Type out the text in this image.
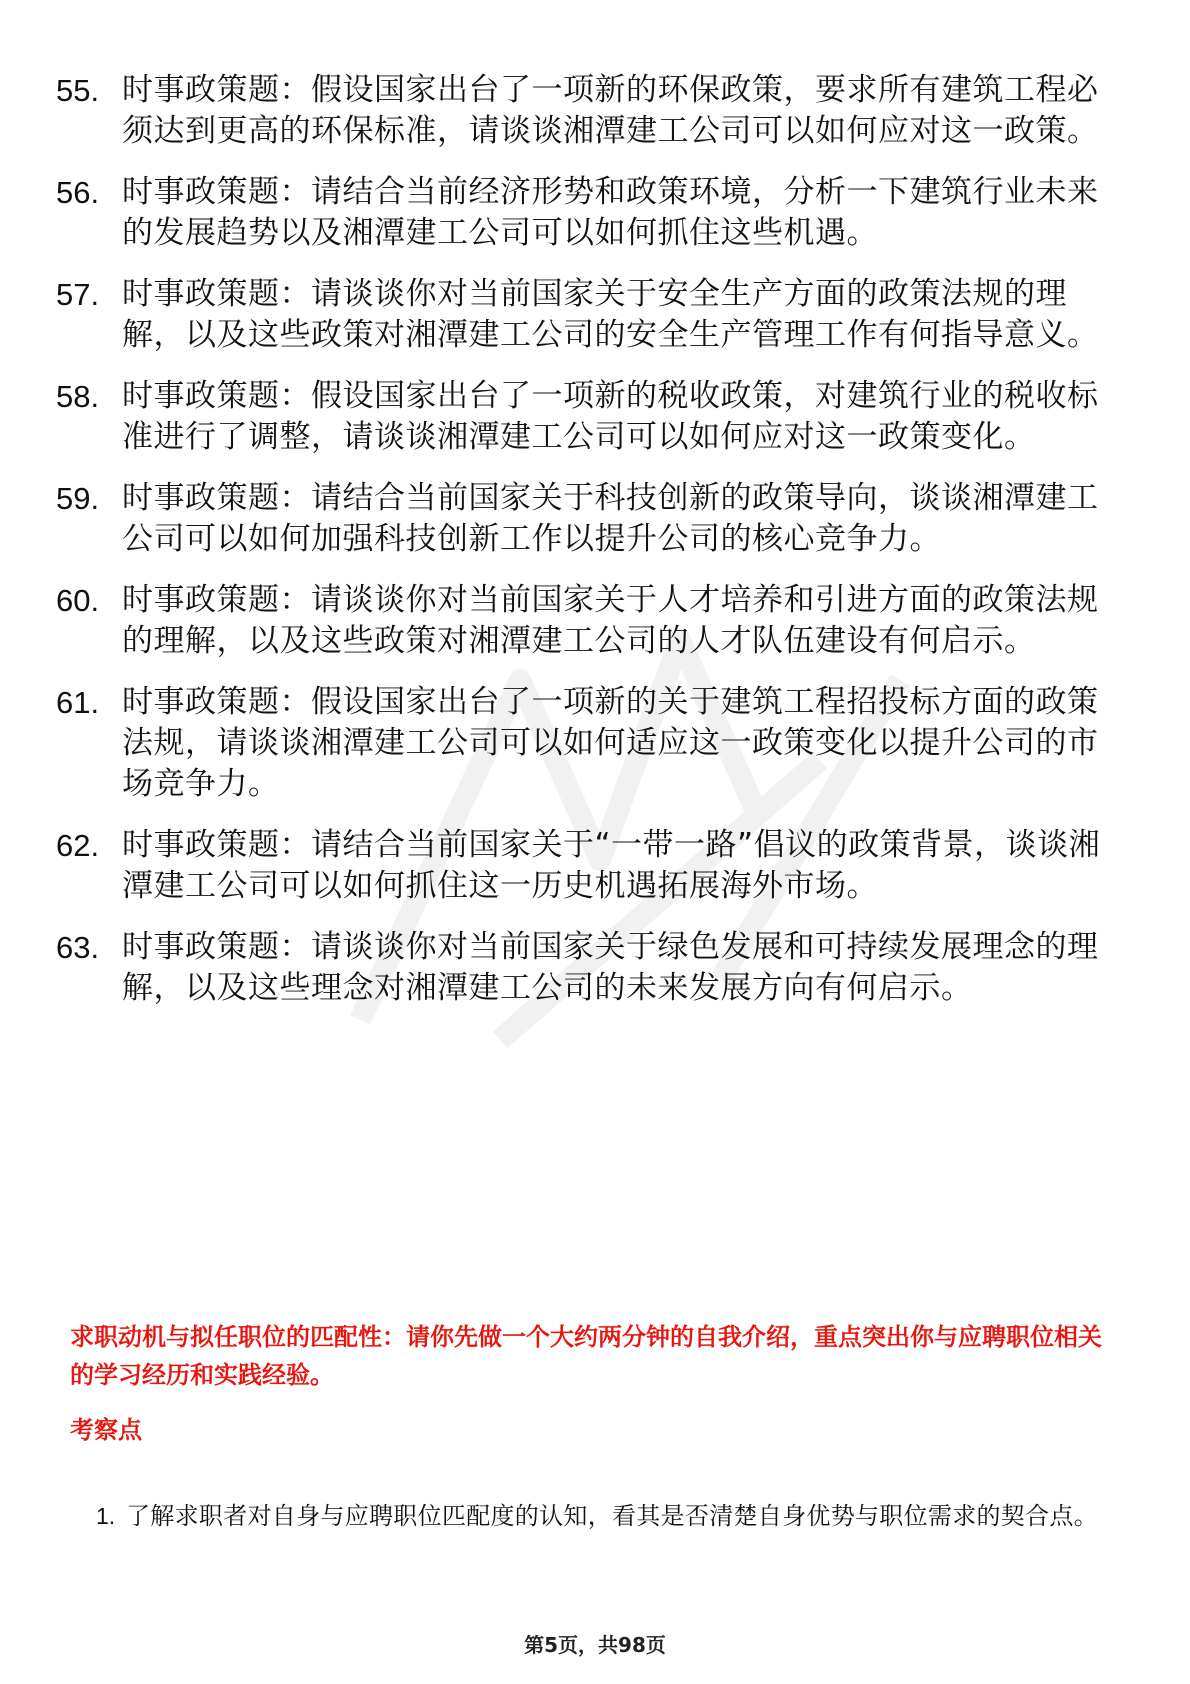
55. 时事政策题：假设国家出台了一项新的环保政策，要求所有建筑工程必须达到更高的环保标准，请谈谈湘潭建工公司可以如何应对这一政策。
56. 时事政策题：请结合当前经济形势和政策环境，分析一下建筑行业未来的发展趋势以及湘潭建工公司可以如何抓住这些机遇。
57. 时事政策题：请谈谈你对当前国家关于安全生产方面的政策法规的理解，以及这些政策对湘潭建工公司的安全生产管理工作有何指导意义。
58. 时事政策题：假设国家出台了一项新的税收政策，对建筑行业的税收标准进行了调整，请谈谈湘潭建工公司可以如何应对这一政策变化。
59. 时事政策题：请结合当前国家关于科技创新的政策导向，谈谈湘潭建工公司可以如何加强科技创新工作以提升公司的核心竞争力。
60. 时事政策题：请谈谈你对当前国家关于人才培养和引进方面的政策法规的理解，以及这些政策对湘潭建工公司的人才队伍建设有何启示。
61. 时事政策题：假设国家出台了一项新的关于建筑工程招投标方面的政策法规，请谈谈湘潭建工公司可以如何适应这一政策变化以提升公司的市场竞争力。
62. 时事政策题：请结合当前国家关于“一带一路”倡议的政策背景，谈谈湘潭建工公司可以如何抓住这一历史机遇拓展海外市场。
63. 时事政策题：请谈谈你对当前国家关于绿色发展和可持续发展理念的理解，以及这些理念对湘潭建工公司的未来发展方向有何启示。
求职动机与拟任职位的匹配性：请你先做一个大约两分钟的自我介绍，重点突出你与应聘职位相关的学习经历和实践经验。
考察点
1. 了解求职者对自身与应聘职位匹配度的认知，看其是否清楚自身优势与职位需求的契合点。
第5页，共98页
